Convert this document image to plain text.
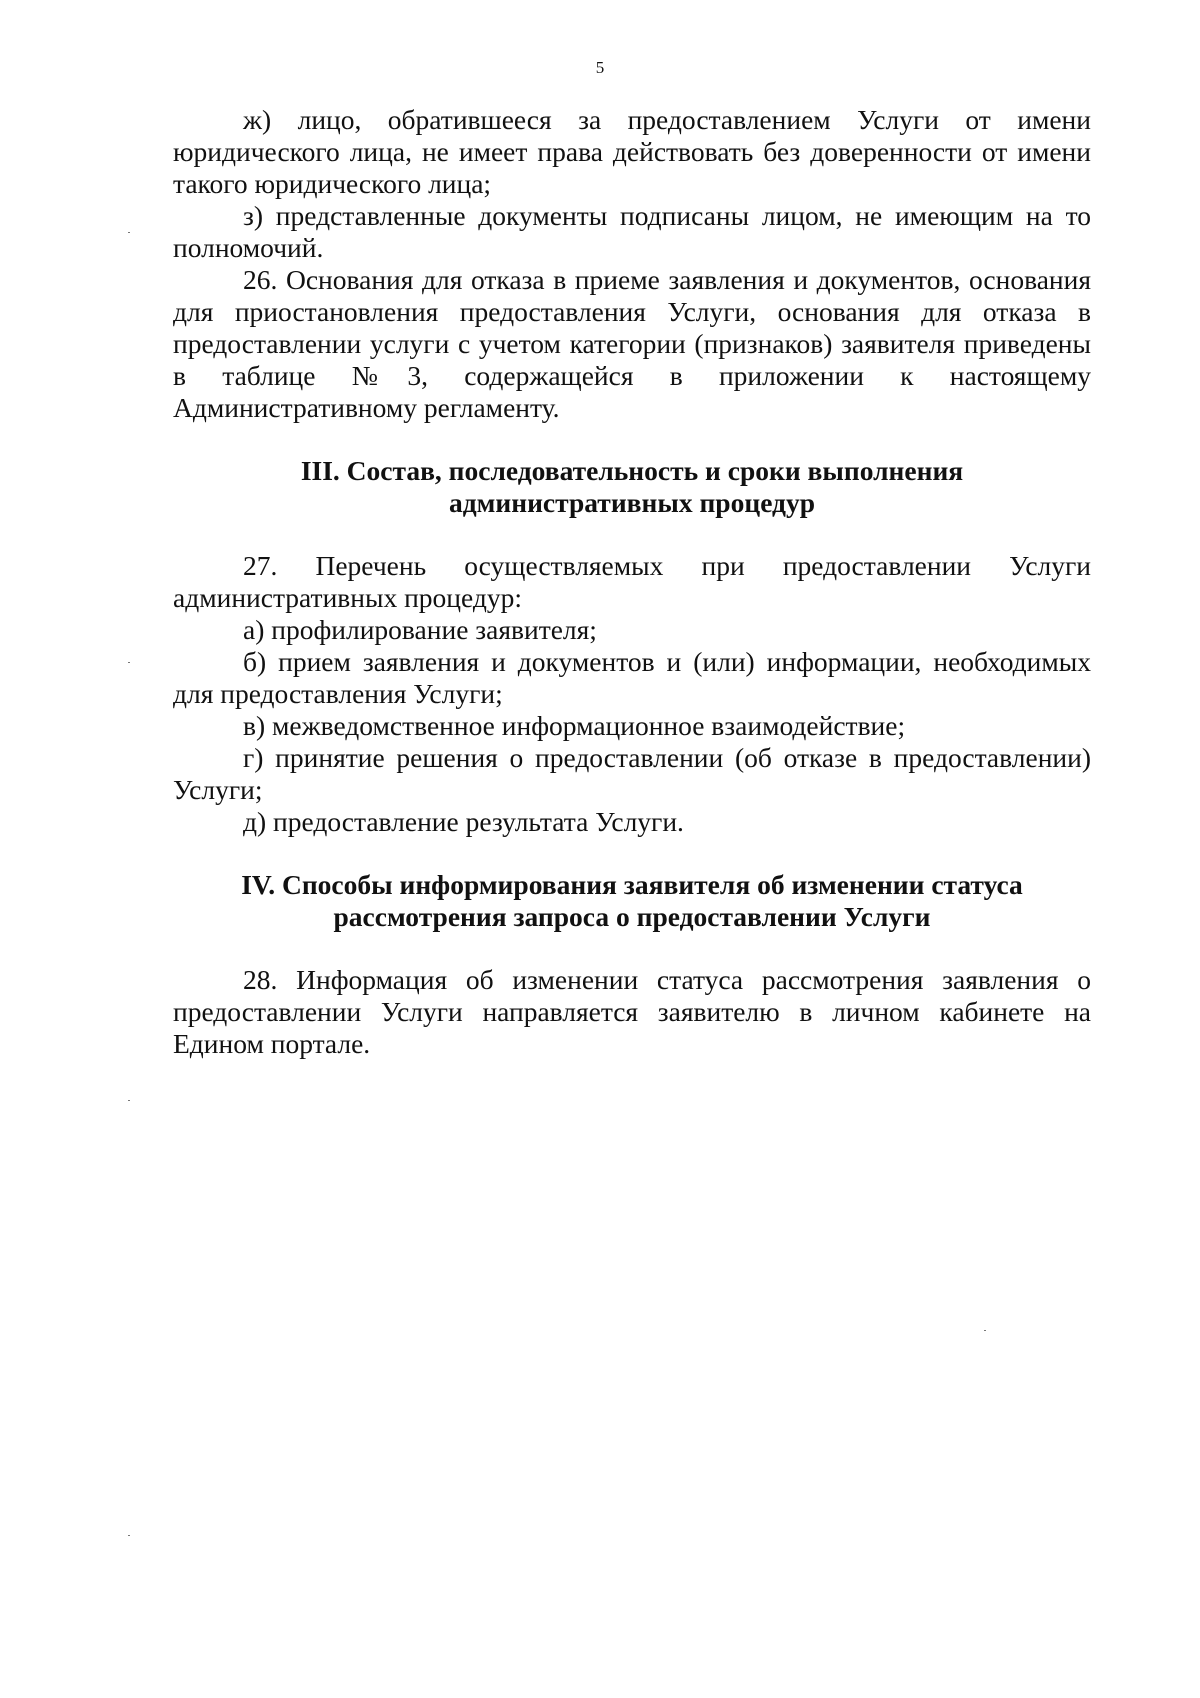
5

ж) лицо, обратившееся за предоставлением Услуги от имени юридического лица, не имеет права действовать без доверенности от имени такого юридического лица;

з) представленные документы подписаны лицом, не имеющим на то полномочий.

26. Основания для отказа в приеме заявления и документов, основания для приостановления предоставления Услуги, основания для отказа в предоставлении услуги с учетом категории (признаков) заявителя приведены в таблице №3, содержащейся в приложении к настоящему Административному регламенту.

III. Состав, последовательность и сроки выполнения
административных процедур

27. Перечень осуществляемых при предоставлении Услуги административных процедур:

а) профилирование заявителя;

б) прием заявления и документов и (или) информации, необходимых для предоставления Услуги;

в) межведомственное информационное взаимодействие;

г) принятие решения о предоставлении (об отказе в предоставлении) Услуги;

д) предоставление результата Услуги.

IV. Способы информирования заявителя об изменении статуса
рассмотрения запроса о предоставлении Услуги

28. Информация об изменении статуса рассмотрения заявления о предоставлении Услуги направляется заявителю в личном кабинете на Едином портале.
